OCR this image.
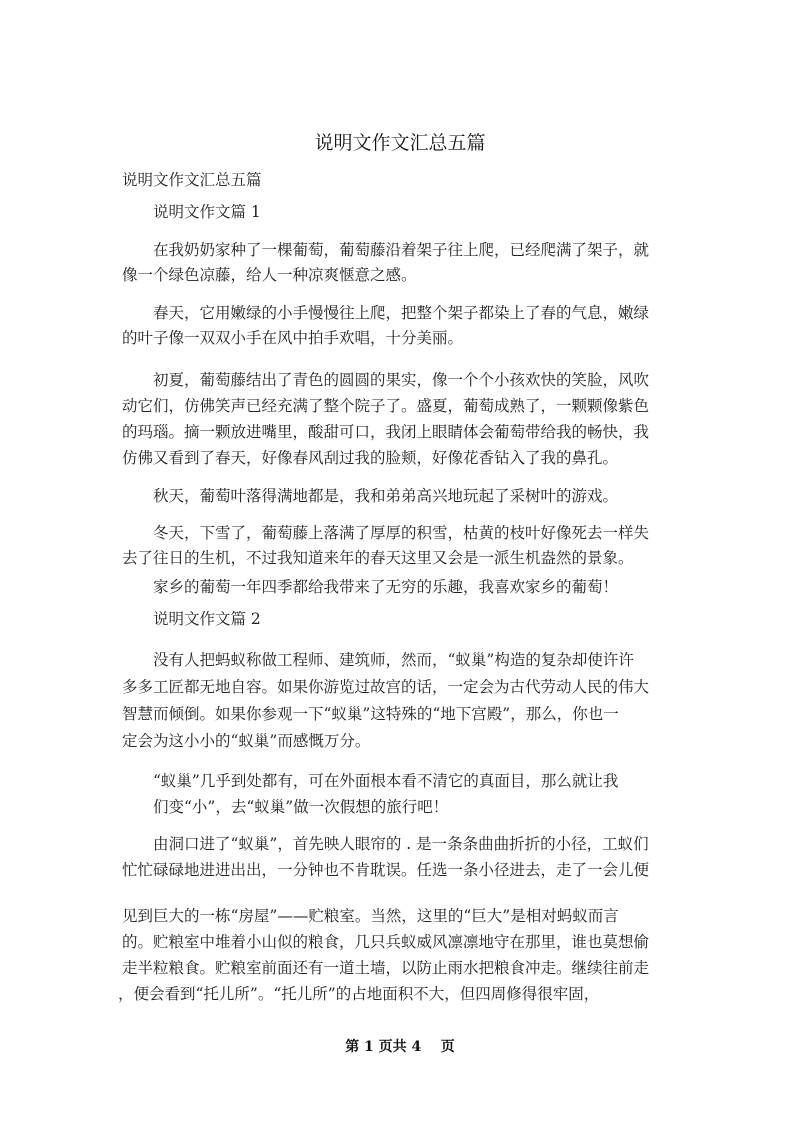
说明文作文汇总五篇
说明文作文汇总五篇
说明文作文篇 1
在我奶奶家种了一棵葡萄，葡萄藤沿着架子往上爬，已经爬满了架子，就
像一个绿色凉藤，给人一种凉爽惬意之感。
春天，它用嫩绿的小手慢慢往上爬，把整个架子都染上了春的气息，嫩绿
的叶子像一双双小手在风中拍手欢唱，十分美丽。
初夏，葡萄藤结出了青色的圆圆的果实，像一个个小孩欢快的笑脸，风吹
动它们，仿佛笑声已经充满了整个院子了。盛夏，葡萄成熟了，一颗颗像紫色
的玛瑙。摘一颗放进嘴里，酸甜可口，我闭上眼睛体会葡萄带给我的畅快，我
仿佛又看到了春天，好像春风刮过我的脸颊，好像花香钻入了我的鼻孔。
秋天，葡萄叶落得满地都是，我和弟弟高兴地玩起了采树叶的游戏。
冬天，下雪了，葡萄藤上落满了厚厚的积雪，枯黄的枝叶好像死去一样失
去了往日的生机，不过我知道来年的春天这里又会是一派生机盎然的景象。
家乡的葡萄一年四季都给我带来了无穷的乐趣，我喜欢家乡的葡萄！
说明文作文篇 2
没有人把蚂蚁称做工程师、建筑师，然而，“蚁巢”构造的复杂却使许许
多多工匠都无地自容。如果你游览过故宫的话，一定会为古代劳动人民的伟大
智慧而倾倒。如果你参观一下“蚁巢”这特殊的“地下宫殿”，那么，你也一
定会为这小小的“蚁巢”而感慨万分。
“蚁巢”几乎到处都有，可在外面根本看不清它的真面目，那么就让我
们变“小”，去“蚁巢”做一次假想的旅行吧！
由洞口进了“蚁巢”，首先映人眼帘的 . 是一条条曲曲折折的小径，工蚁们
忙忙碌碌地进进出出，一分钟也不肯耽误。任选一条小径进去，走了一会儿便
见到巨大的一栋“房屋”——贮粮室。当然，这里的“巨大”是相对蚂蚁而言
的。贮粮室中堆着小山似的粮食，几只兵蚁威风凛凛地守在那里，谁也莫想偷
走半粒粮食。贮粮室前面还有一道土墙，以防止雨水把粮食冲走。继续往前走
，便会看到“托儿所”。“托儿所”的占地面积不大，但四周修得很牢固，
第 1 页共 4    页
